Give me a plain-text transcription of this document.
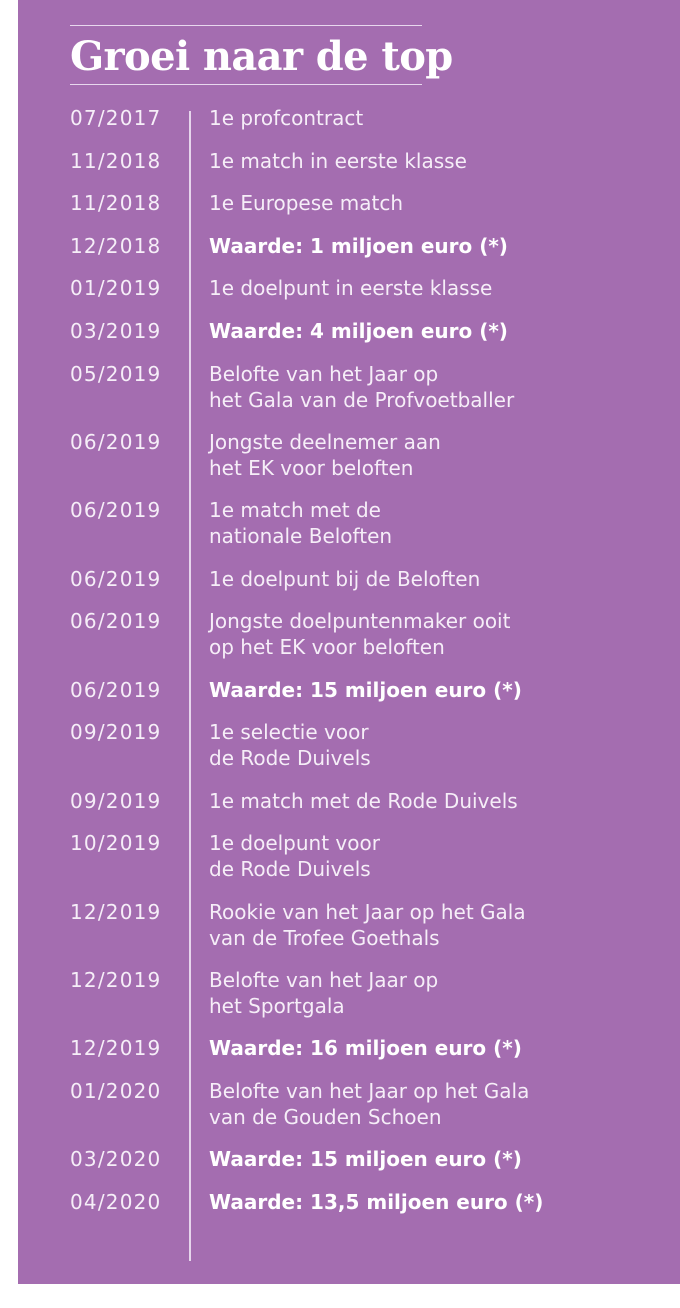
Groei naar de top
07/2017 1e profcontract
11/2018 1e match in eerste klasse
11/2018 1e Europese match
12/2018 Waarde: 1 miljoen euro (*)
01/2019 1e doelpunt in eerste klasse
03/2019 Waarde: 4 miljoen euro (*)
05/2019 Belofte van het Jaar op
het Gala van de Profvoetballer
06/2019 Jongste deelnemer aan
het EK voor beloften
06/2019 1e match met de
nationale Beloften
06/2019 1e doelpunt bij de Beloften
06/2019 Jongste doelpuntenmaker ooit
op het EK voor beloften
06/2019 Waarde: 15 miljoen euro (*)
09/2019 1e selectie voor
de Rode Duivels
09/2019 1e match met de Rode Duivels
10/2019 1e doelpunt voor
de Rode Duivels
12/2019 Rookie van het Jaar op het Gala
van de Trofee Goethals
12/2019 Belofte van het Jaar op
het Sportgala
12/2019 Waarde: 16 miljoen euro (*)
01/2020 Belofte van het Jaar op het Gala
van de Gouden Schoen
03/2020 Waarde: 15 miljoen euro (*)
04/2020 Waarde: 13,5 miljoen euro (*)
